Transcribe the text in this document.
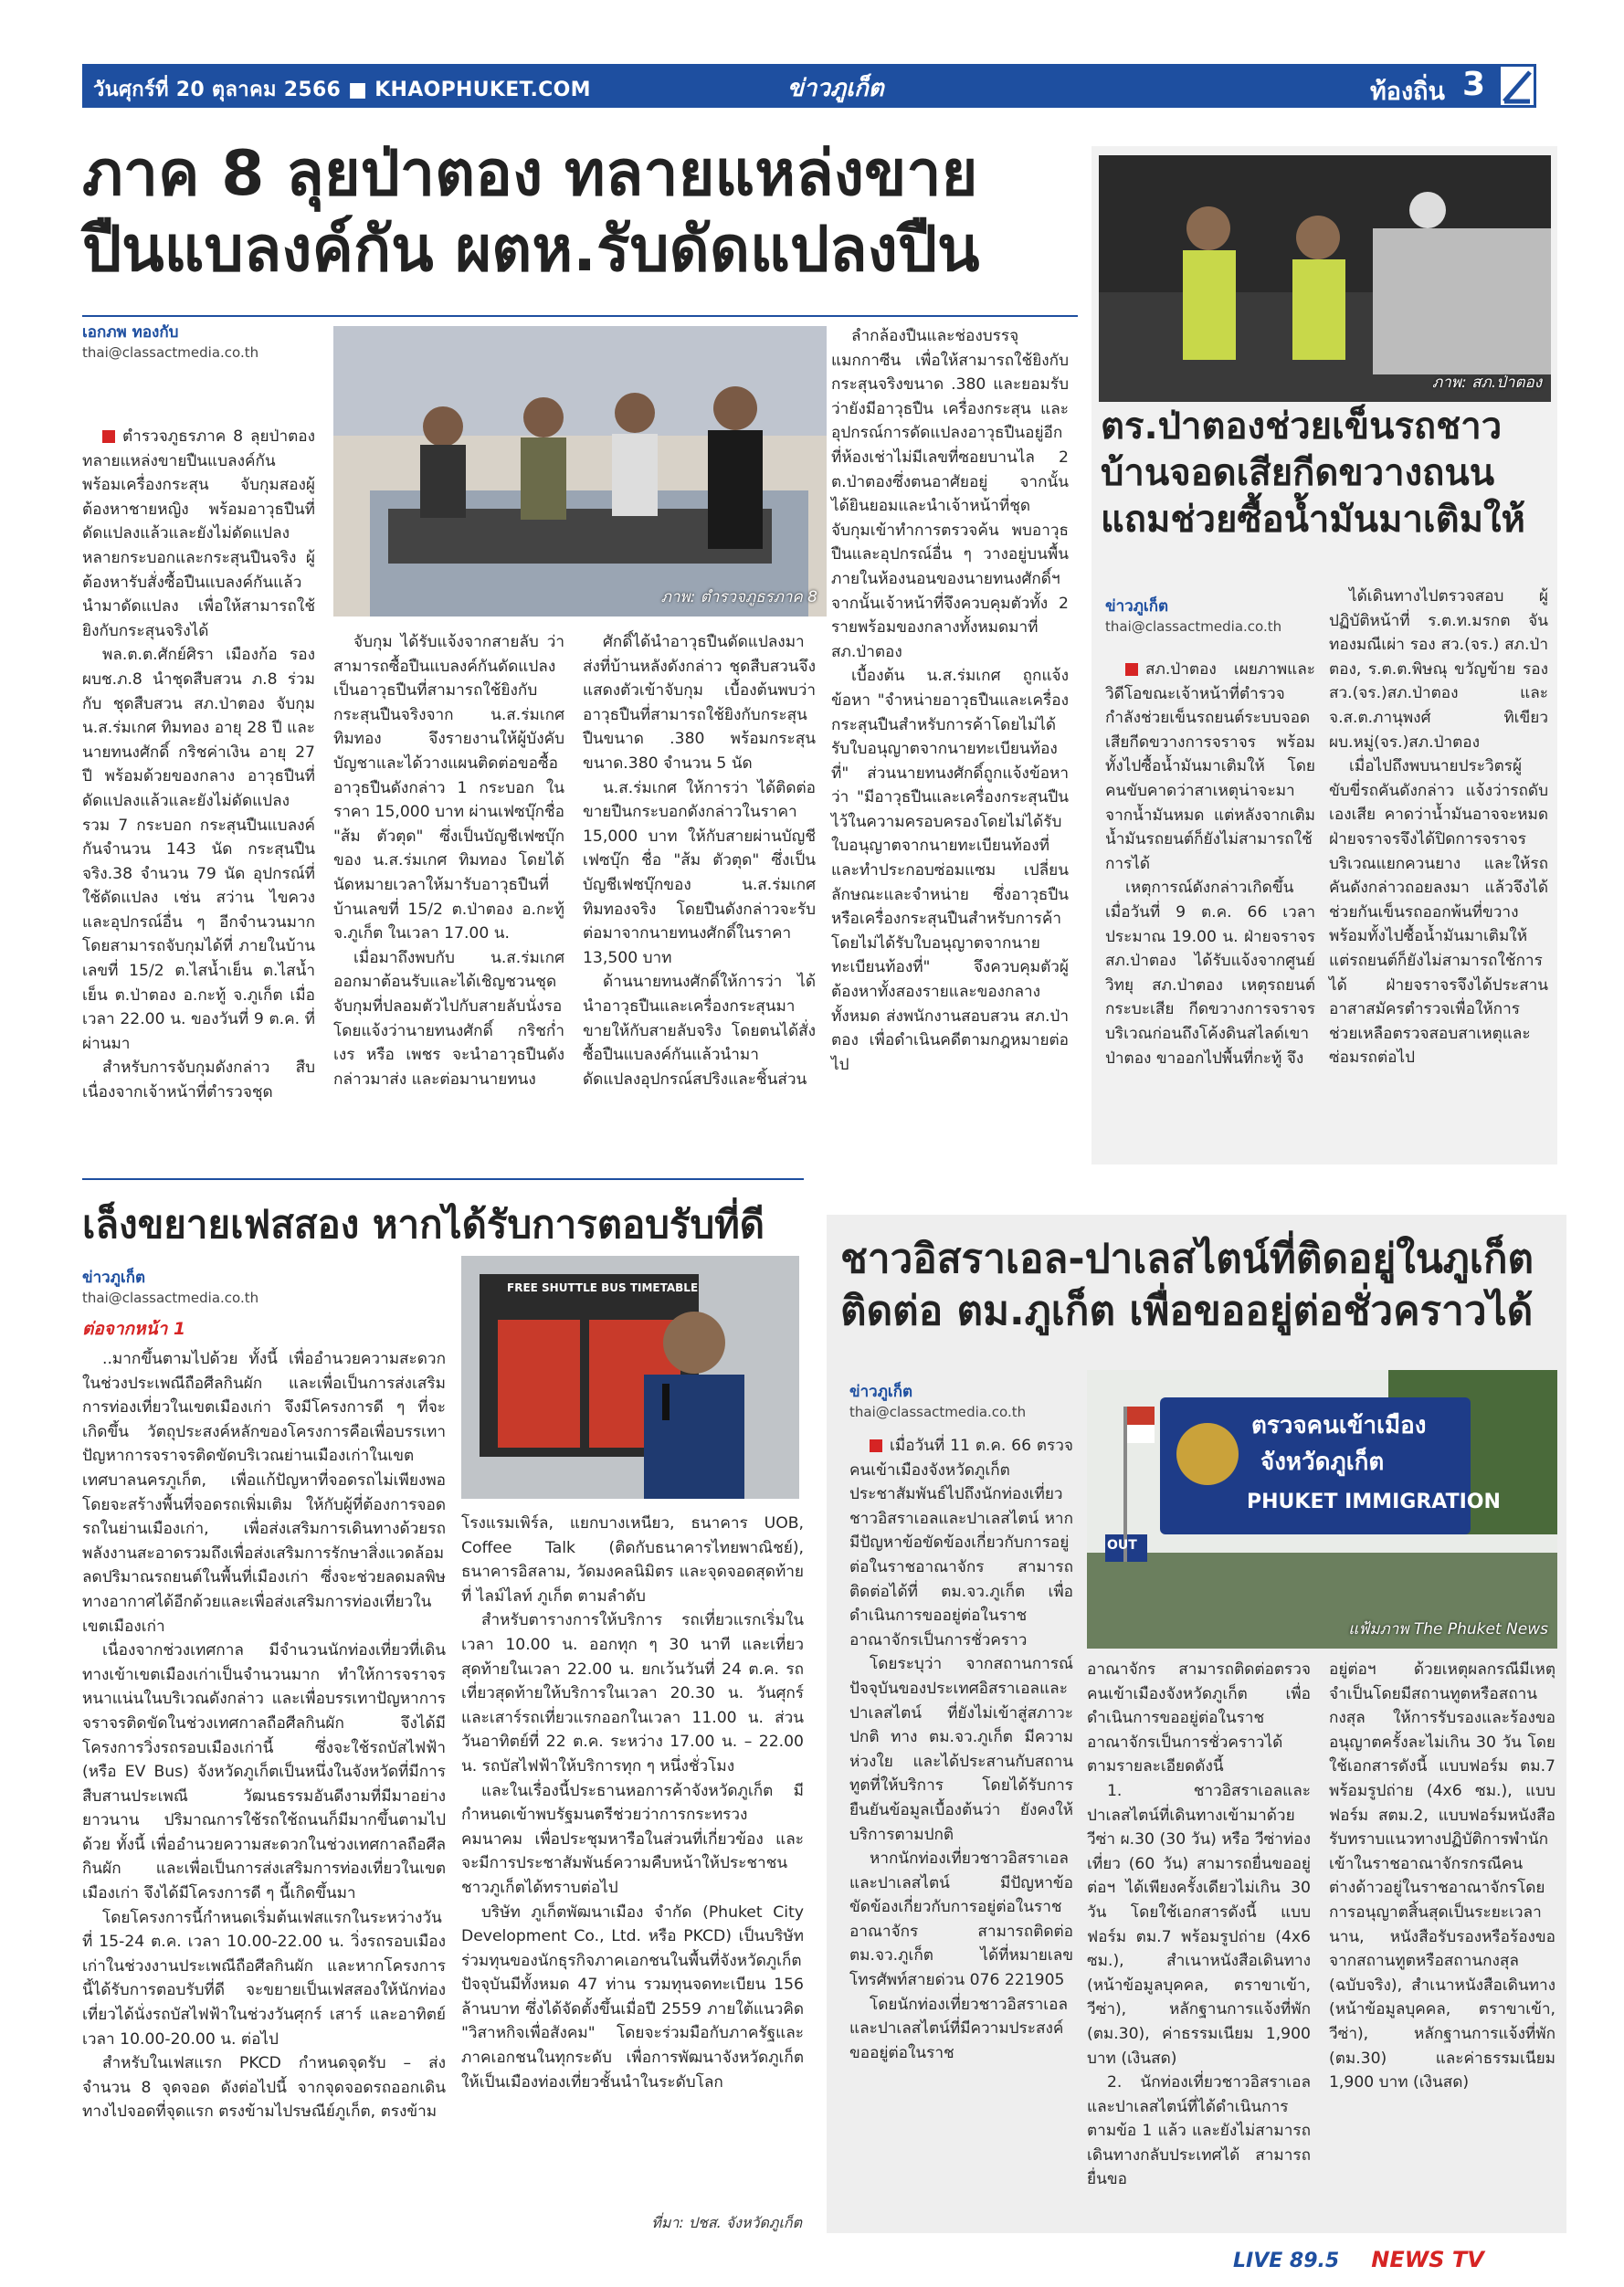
วันศุกร์ที่ 20 ตุลาคม 2566 ■ KHAOPHUKET.COM	ข่าวภูเก็ต	ท้องถิ่น 3
ภาค 8 ลุยป่าตอง ทลายแหล่งขาย
ปืนแบลงค์กัน ผตห.รับดัดแปลงปืน
เอกภพ ทองกับ
thai@classactmedia.co.th
ภาพ: ตำรวจภูธรภาค 8

ตำรวจภูธรภาค 8 ลุยป่าตองทลายแหล่งขายปืนแบลงค์กัน พร้อมเครื่องกระสุน จับกุมสองผู้ต้องหาชายหญิง พร้อมอาวุธปืนที่ดัดแปลงแล้วและยังไม่ดัดแปลง หลายกระบอกและกระสุนปืนจริง ผู้ต้องหารับสั่งซื้อปืนแบลงค์กันแล้วนำมาดัดแปลง เพื่อให้สามารถใช้ยิงกับกระสุนจริงได้

พล.ต.ต.ศักย์ศิรา เมืองก้อ รอง ผบช.ภ.8 นำชุดสืบสวน ภ.8 ร่วมกับ ชุดสืบสวน สภ.ป่าตอง จับกุม น.ส.ร่มเกศ ทิมทอง อายุ 28 ปี และนายทนงศักดิ์ กริชค่าเงิน อายุ 27 ปี พร้อมด้วยของกลาง อาวุธปืนที่ดัดแปลงแล้วและยังไม่ดัดแปลง รวม 7 กระบอก กระสุนปืนแบลงค์กันจำนวน 143 นัด กระสุนปืนจริง.38 จำนวน 79 นัด อุปกรณ์ที่ใช้ดัดแปลง เช่น สว่าน ไขควง และอุปกรณ์อื่น ๆ อีกจำนวนมาก โดยสามารถจับกุมได้ที่ ภายในบ้านเลขที่ 15/2 ต.ไสน้ำเย็น ต.ไสน้ำเย็น ต.ป่าตอง อ.กะทู้ จ.ภูเก็ต เมื่อเวลา 22.00 น. ของวันที่ 9 ต.ค. ที่ผ่านมา

สำหรับการจับกุมดังกล่าว สืบเนื่องจากเจ้าหน้าที่ตำรวจชุด

จับกุม ได้รับแจ้งจากสายลับ ว่าสามารถซื้อปืนแบลงค์กันดัดแปลงเป็นอาวุธปืนที่สามารถใช้ยิงกับกระสุนปืนจริงจาก น.ส.ร่มเกศ ทิมทอง จึงรายงานให้ผู้บังคับบัญชาและได้วางแผนติดต่อขอซื้ออาวุธปืนดังกล่าว 1 กระบอก ในราคา 15,000 บาท ผ่านเฟซบุ๊กชื่อ "ส้ม ตัวตุด" ซึ่งเป็นบัญชีเฟซบุ๊กของ น.ส.ร่มเกศ ทิมทอง โดยได้นัดหมายเวลาให้มารับอาวุธปืนที่บ้านเลขที่ 15/2 ต.ป่าตอง อ.กะทู้ จ.ภูเก็ต ในเวลา 17.00 น.

เมื่อมาถึงพบกับ น.ส.ร่มเกศ ออกมาต้อนรับและได้เชิญชวนชุดจับกุมที่ปลอมตัวไปกับสายลับนั่งรอ โดยแจ้งว่านายทนงศักดิ์ กริชก่ำเงร หรือ เพชร จะนำอาวุธปืนดังกล่าวมาส่ง และต่อมานายทนง

ศักดิ์ได้นำอาวุธปืนดัดแปลงมาส่งที่บ้านหลังดังกล่าว ชุดสืบสวนจึงแสดงตัวเข้าจับกุม เบื้องต้นพบว่าอาวุธปืนที่สามารถใช้ยิงกับกระสุนปืนขนาด .380 พร้อมกระสุนขนาด.380 จำนวน 5 นัด

น.ส.ร่มเกศ ให้การว่า ได้ติดต่อขายปืนกระบอกดังกล่าวในราคา 15,000 บาท ให้กับสายผ่านบัญชีเฟซบุ๊ก ชื่อ "ส้ม ตัวตุด" ซึ่งเป็นบัญชีเฟซบุ๊กของ น.ส.ร่มเกศ ทิมทองจริง โดยปืนดังกล่าวจะรับต่อมาจากนายทนงศักดิ์ในราคา 13,500 บาท

ด้านนายทนงศักดิ์ให้การว่า ได้นำอาวุธปืนและเครื่องกระสุนมาขายให้กับสายลับจริง โดยตนได้สั่งซื้อปืนแบลงค์กันแล้วนำมาดัดแปลงอุปกรณ์สปริงและชิ้นส่วน

ลำกล้องปืนและช่องบรรจุแมกกาซีน เพื่อให้สามารถใช้ยิงกับกระสุนจริงขนาด .380 และยอมรับว่ายังมีอาวุธปืน เครื่องกระสุน และอุปกรณ์การดัดแปลงอาวุธปืนอยู่อีกที่ห้องเช่าไม่มีเลขที่ซอยบานไล 2 ต.ป่าตองซึ่งตนอาศัยอยู่ จากนั้นได้ยินยอมและนำเจ้าหน้าที่ชุดจับกุมเข้าทำการตรวจค้น พบอาวุธปืนและอุปกรณ์อื่น ๆ วางอยู่บนพื้นภายในห้องนอนของนายทนงศักดิ์ฯ จากนั้นเจ้าหน้าที่จึงควบคุมตัวทั้ง 2 รายพร้อมของกลางทั้งหมดมาที่ สภ.ป่าตอง

เบื้องต้น น.ส.ร่มเกศ ถูกแจ้งข้อหา "จำหน่ายอาวุธปืนและเครื่องกระสุนปืนสำหรับการค้าโดยไม่ได้รับใบอนุญาตจากนายทะเบียนท้องที่" ส่วนนายทนงศักดิ์ถูกแจ้งข้อหาว่า "มีอาวุธปืนและเครื่องกระสุนปืนไว้ในความครอบครองโดยไม่ได้รับใบอนุญาตจากนายทะเบียนท้องที่ และทำประกอบซ่อมแซม เปลี่ยนลักษณะและจำหน่าย ซึ่งอาวุธปืนหรือเครื่องกระสุนปืนสำหรับการค้า โดยไม่ได้รับใบอนุญาตจากนายทะเบียนท้องที่" จึงควบคุมตัวผู้ต้องหาทั้งสองรายและของกลางทั้งหมด ส่งพนักงานสอบสวน สภ.ป่าตอง เพื่อดำเนินคดีตามกฎหมายต่อไป

ภาพ: สภ.ป่าตอง
ตร.ป่าตองช่วยเข็นรถชาวบ้านจอดเสียกีดขวางถนน แถมช่วยซื้อน้ำมันมาเติมให้
ข่าวภูเก็ต
thai@classactmedia.co.th

สภ.ป่าตอง เผยภาพและวิดีโอขณะเจ้าหน้าที่ตำรวจกำลังช่วยเข็นรถยนต์ระบบจอดเสียกีดขวางการจราจร พร้อมทั้งไปซื้อน้ำมันมาเติมให้ โดยคนขับคาดว่าสาเหตุน่าจะมาจากน้ำมันหมด แต่หลังจากเติมน้ำมันรถยนต์ก็ยังไม่สามารถใช้การได้

เหตุการณ์ดังกล่าวเกิดขึ้นเมื่อวันที่ 9 ต.ค. 66 เวลาประมาณ 19.00 น. ฝ่ายจราจร สภ.ป่าตอง ได้รับแจ้งจากศูนย์วิทยุ สภ.ป่าตอง เหตุรถยนต์กระบะเสีย กีดขวางการจราจร บริเวณก่อนถึงโค้งดินสไลด์เขาป่าตอง ขาออกไปพื้นที่กะทู้ จึง

ได้เดินทางไปตรวจสอบ ผู้ปฏิบัติหน้าที่ ร.ต.ท.มรกต จันทองมณีเผ่า รอง สว.(จร.) สภ.ป่าตอง, ร.ต.ต.พิษณุ ขวัญข้าย รอง สว.(จร.)สภ.ป่าตอง และ จ.ส.ต.ภานุพงศ์ ทิเขียว ผบ.หมู่(จร.)สภ.ป่าตอง

เมื่อไปถึงพบนายประวิตรผู้ขับขี่รถคันดังกล่าว แจ้งว่ารถดับเองเสีย คาดว่าน้ำมันอาจจะหมด ฝ่ายจราจรจึงได้ปิดการจราจรบริเวณแยกควนยาง และให้รถคันดังกล่าวถอยลงมา แล้วจึงได้ช่วยกันเข็นรถออกพ้นที่ขวาง พร้อมทั้งไปซื้อน้ำมันมาเติมให้ แต่รถยนต์ก็ยังไม่สามารถใช้การได้ ฝ่ายจราจรจึงได้ประสานอาสาสมัครตำรวจเพื่อให้การช่วยเหลือตรวจสอบสาเหตุและซ่อมรถต่อไป

เล็งขยายเฟสสอง หากได้รับการตอบรับที่ดี
ข่าวภูเก็ต
thai@classactmedia.co.th
ต่อจากหน้า 1
FREE SHUTTLE BUS TIMETABLE

..มากขึ้นตามไปด้วย ทั้งนี้ เพื่ออำนวยความสะดวกในช่วงประเพณีถือศีลกินผัก และเพื่อเป็นการส่งเสริมการท่องเที่ยวในเขตเมืองเก่า จึงมีโครงการดี ๆ ที่จะเกิดขึ้น วัตถุประสงค์หลักของโครงการคือเพื่อบรรเทาปัญหาการจราจรติดขัดบริเวณย่านเมืองเก่าในเขตเทศบาลนครภูเก็ต, เพื่อแก้ปัญหาที่จอดรถไม่เพียงพอโดยจะสร้างพื้นที่จอดรถเพิ่มเติม ให้กับผู้ที่ต้องการจอดรถในย่านเมืองเก่า, เพื่อส่งเสริมการเดินทางด้วยรถพลังงานสะอาดรวมถึงเพื่อส่งเสริมการรักษาสิ่งแวดล้อม ลดปริมาณรถยนต์ในพื้นที่เมืองเก่า ซึ่งจะช่วยลดมลพิษทางอากาศได้อีกด้วยและเพื่อส่งเสริมการท่องเที่ยวในเขตเมืองเก่า

เนื่องจากช่วงเทศกาล มีจำนวนนักท่องเที่ยวที่เดินทางเข้าเขตเมืองเก่าเป็นจำนวนมาก ทำให้การจราจรหนาแน่นในบริเวณดังกล่าว และเพื่อบรรเทาปัญหาการจราจรติดขัดในช่วงเทศกาลถือศีลกินผัก จึงได้มีโครงการวิ่งรถรอบเมืองเก่านี้ ซึ่งจะใช้รถบัสไฟฟ้า (หรือ EV Bus) จังหวัดภูเก็ตเป็นหนึ่งในจังหวัดที่มีการสืบสานประเพณี วัฒนธรรมอันดีงามที่มีมาอย่างยาวนาน ปริมาณการใช้รถใช้ถนนก็มีมากขึ้นตามไปด้วย ทั้งนี้ เพื่ออำนวยความสะดวกในช่วงเทศกาลถือศีลกินผัก และเพื่อเป็นการส่งเสริมการท่องเที่ยวในเขตเมืองเก่า จึงได้มีโครงการดี ๆ นี้เกิดขึ้นมา

โดยโครงการนี้กำหนดเริ่มต้นเฟสแรกในระหว่างวันที่ 15-24 ต.ค. เวลา 10.00-22.00 น. วิ่งรถรอบเมืองเก่าในช่วงงานประเพณีถือศีลกินผัก และหากโครงการนี้ได้รับการตอบรับที่ดี จะขยายเป็นเฟสสองให้นักท่องเที่ยวได้นั่งรถบัสไฟฟ้าในช่วงวันศุกร์ เสาร์ และอาทิตย์ เวลา 10.00-20.00 น. ต่อไป

สำหรับในเฟสแรก PKCD กำหนดจุดรับ – ส่ง จำนวน 8 จุดจอด ดังต่อไปนี้ จากจุดจอดรถออกเดินทางไปจอดที่จุดแรก ตรงข้ามไปรษณีย์ภูเก็ต, ตรงข้าม

โรงแรมเพิร์ล, แยกบางเหนียว, ธนาคาร UOB, Coffee Talk (ติดกับธนาคารไทยพาณิชย์), ธนาคารอิสลาม, วัดมงคลนิมิตร และจุดจอดสุดท้ายที่ ไลม์ไลท์ ภูเก็ต ตามลำดับ

สำหรับตารางการให้บริการ รถเที่ยวแรกเริ่มในเวลา 10.00 น. ออกทุก ๆ 30 นาที และเที่ยวสุดท้ายในเวลา 22.00 น. ยกเว้นวันที่ 24 ต.ค. รถเที่ยวสุดท้ายให้บริการในเวลา 20.30 น. วันศุกร์และเสาร์รถเที่ยวแรกออกในเวลา 11.00 น. ส่วนวันอาทิตย์ที่ 22 ต.ค. ระหว่าง 17.00 น. – 22.00 น. รถบัสไฟฟ้าให้บริการทุก ๆ หนึ่งชั่วโมง

และในเรื่องนี้ประธานหอการค้าจังหวัดภูเก็ต มีกำหนดเข้าพบรัฐมนตรีช่วยว่าการกระทรวงคมนาคม เพื่อประชุมหารือในส่วนที่เกี่ยวข้อง และจะมีการประชาสัมพันธ์ความคืบหน้าให้ประชาชนชาวภูเก็ตได้ทราบต่อไป

บริษัท ภูเก็ตพัฒนาเมือง จำกัด (Phuket City Development Co., Ltd. หรือ PKCD) เป็นบริษัทร่วมทุนของนักธุรกิจภาคเอกชนในพื้นที่จังหวัดภูเก็ต ปัจจุบันมีทั้งหมด 47 ท่าน รวมทุนจดทะเบียน 156 ล้านบาท ซึ่งได้จัดตั้งขึ้นเมื่อปี 2559 ภายใต้แนวคิด "วิสาหกิจเพื่อสังคม" โดยจะร่วมมือกับภาครัฐและภาคเอกชนในทุกระดับ เพื่อการพัฒนาจังหวัดภูเก็ตให้เป็นเมืองท่องเที่ยวชั้นนำในระดับโลก

ที่มา: ปชส. จังหวัดภูเก็ต
ชาวอิสราเอล-ปาเลสไตน์ที่ติดอยู่ในภูเก็ต ติดต่อ ตม.ภูเก็ต เพื่อขออยู่ต่อชั่วคราวได้
ข่าวภูเก็ต
thai@classactmedia.co.th	ตรวจคนเข้าเมือง
จังหวัดภูเก็ต
PHUKET IMMIGRATION
OUT
แฟ้มภาพ The Phuket News

เมื่อวันที่ 11 ต.ค. 66 ตรวจคนเข้าเมืองจังหวัดภูเก็ต ประชาสัมพันธ์ไปถึงนักท่องเที่ยวชาวอิสราเอลและปาเลสไตน์ หากมีปัญหาข้อขัดข้องเกี่ยวกับการอยู่ต่อในราชอาณาจักร สามารถติดต่อได้ที่ ตม.จว.ภูเก็ต เพื่อดำเนินการขออยู่ต่อในราชอาณาจักรเป็นการชั่วคราว

โดยระบุว่า จากสถานการณ์ปัจจุบันของประเทศอิสราเอลและปาเลสไตน์ ที่ยังไม่เข้าสู่สภาวะปกติ ทาง ตม.จว.ภูเก็ต มีความห่วงใย และได้ประสานกับสถานทูตที่ให้บริการ โดยได้รับการยืนยันข้อมูลเบื้องต้นว่า ยังคงให้บริการตามปกติ

หากนักท่องเที่ยวชาวอิสราเอลและปาเลสไตน์ มีปัญหาข้อขัดข้องเกี่ยวกับการอยู่ต่อในราชอาณาจักร สามารถติดต่อ ตม.จว.ภูเก็ต ได้ที่หมายเลขโทรศัพท์สายด่วน 076 221905

โดยนักท่องเที่ยวชาวอิสราเอลและปาเลสไตน์ที่มีความประสงค์ขออยู่ต่อในราช

อาณาจักร สามารถติดต่อตรวจคนเข้าเมืองจังหวัดภูเก็ต เพื่อดำเนินการขออยู่ต่อในราชอาณาจักรเป็นการชั่วคราวได้ ตามรายละเอียดดังนี้

1. ชาวอิสราเอลและปาเลสไตน์ที่เดินทางเข้ามาด้วย วีซ่า ผ.30 (30 วัน) หรือ วีซ่าท่องเที่ยว (60 วัน) สามารถยื่นขออยู่ต่อฯ ได้เพียงครั้งเดียวไม่เกิน 30 วัน โดยใช้เอกสารดังนี้ แบบฟอร์ม ตม.7 พร้อมรูปถ่าย (4x6 ซม.), สำเนาหนังสือเดินทาง (หน้าข้อมูลบุคคล, ตราขาเข้า, วีซ่า), หลักฐานการแจ้งที่พัก (ตม.30), ค่าธรรมเนียม 1,900 บาท (เงินสด)

2. นักท่องเที่ยวชาวอิสราเอลและปาเลสไตน์ที่ได้ดำเนินการตามข้อ 1 แล้ว และยังไม่สามารถเดินทางกลับประเทศได้ สามารถยื่นขอ

อยู่ต่อฯ ด้วยเหตุผลกรณีมีเหตุจำเป็นโดยมีสถานทูตหรือสถานกงสุล ให้การรับรองและร้องขออนุญาตครั้งละไม่เกิน 30 วัน โดยใช้เอกสารดังนี้ แบบฟอร์ม ตม.7 พร้อมรูปถ่าย (4x6 ซม.), แบบฟอร์ม สตม.2, แบบฟอร์มหนังสือรับทราบแนวทางปฏิบัติการพำนักเข้าในราชอาณาจักรกรณีคนต่างด้าวอยู่ในราชอาณาจักรโดยการอนุญาตสิ้นสุดเป็นระยะเวลานาน, หนังสือรับรองหรือร้องขอจากสถานทูตหรือสถานกงสุล (ฉบับจริง), สำเนาหนังสือเดินทาง (หน้าข้อมูลบุคคล, ตราขาเข้า, วีซ่า), หลักฐานการแจ้งที่พัก (ตม.30) และค่าธรรมเนียม 1,900 บาท (เงินสด)

LIVE 89.5 NEWS TV
